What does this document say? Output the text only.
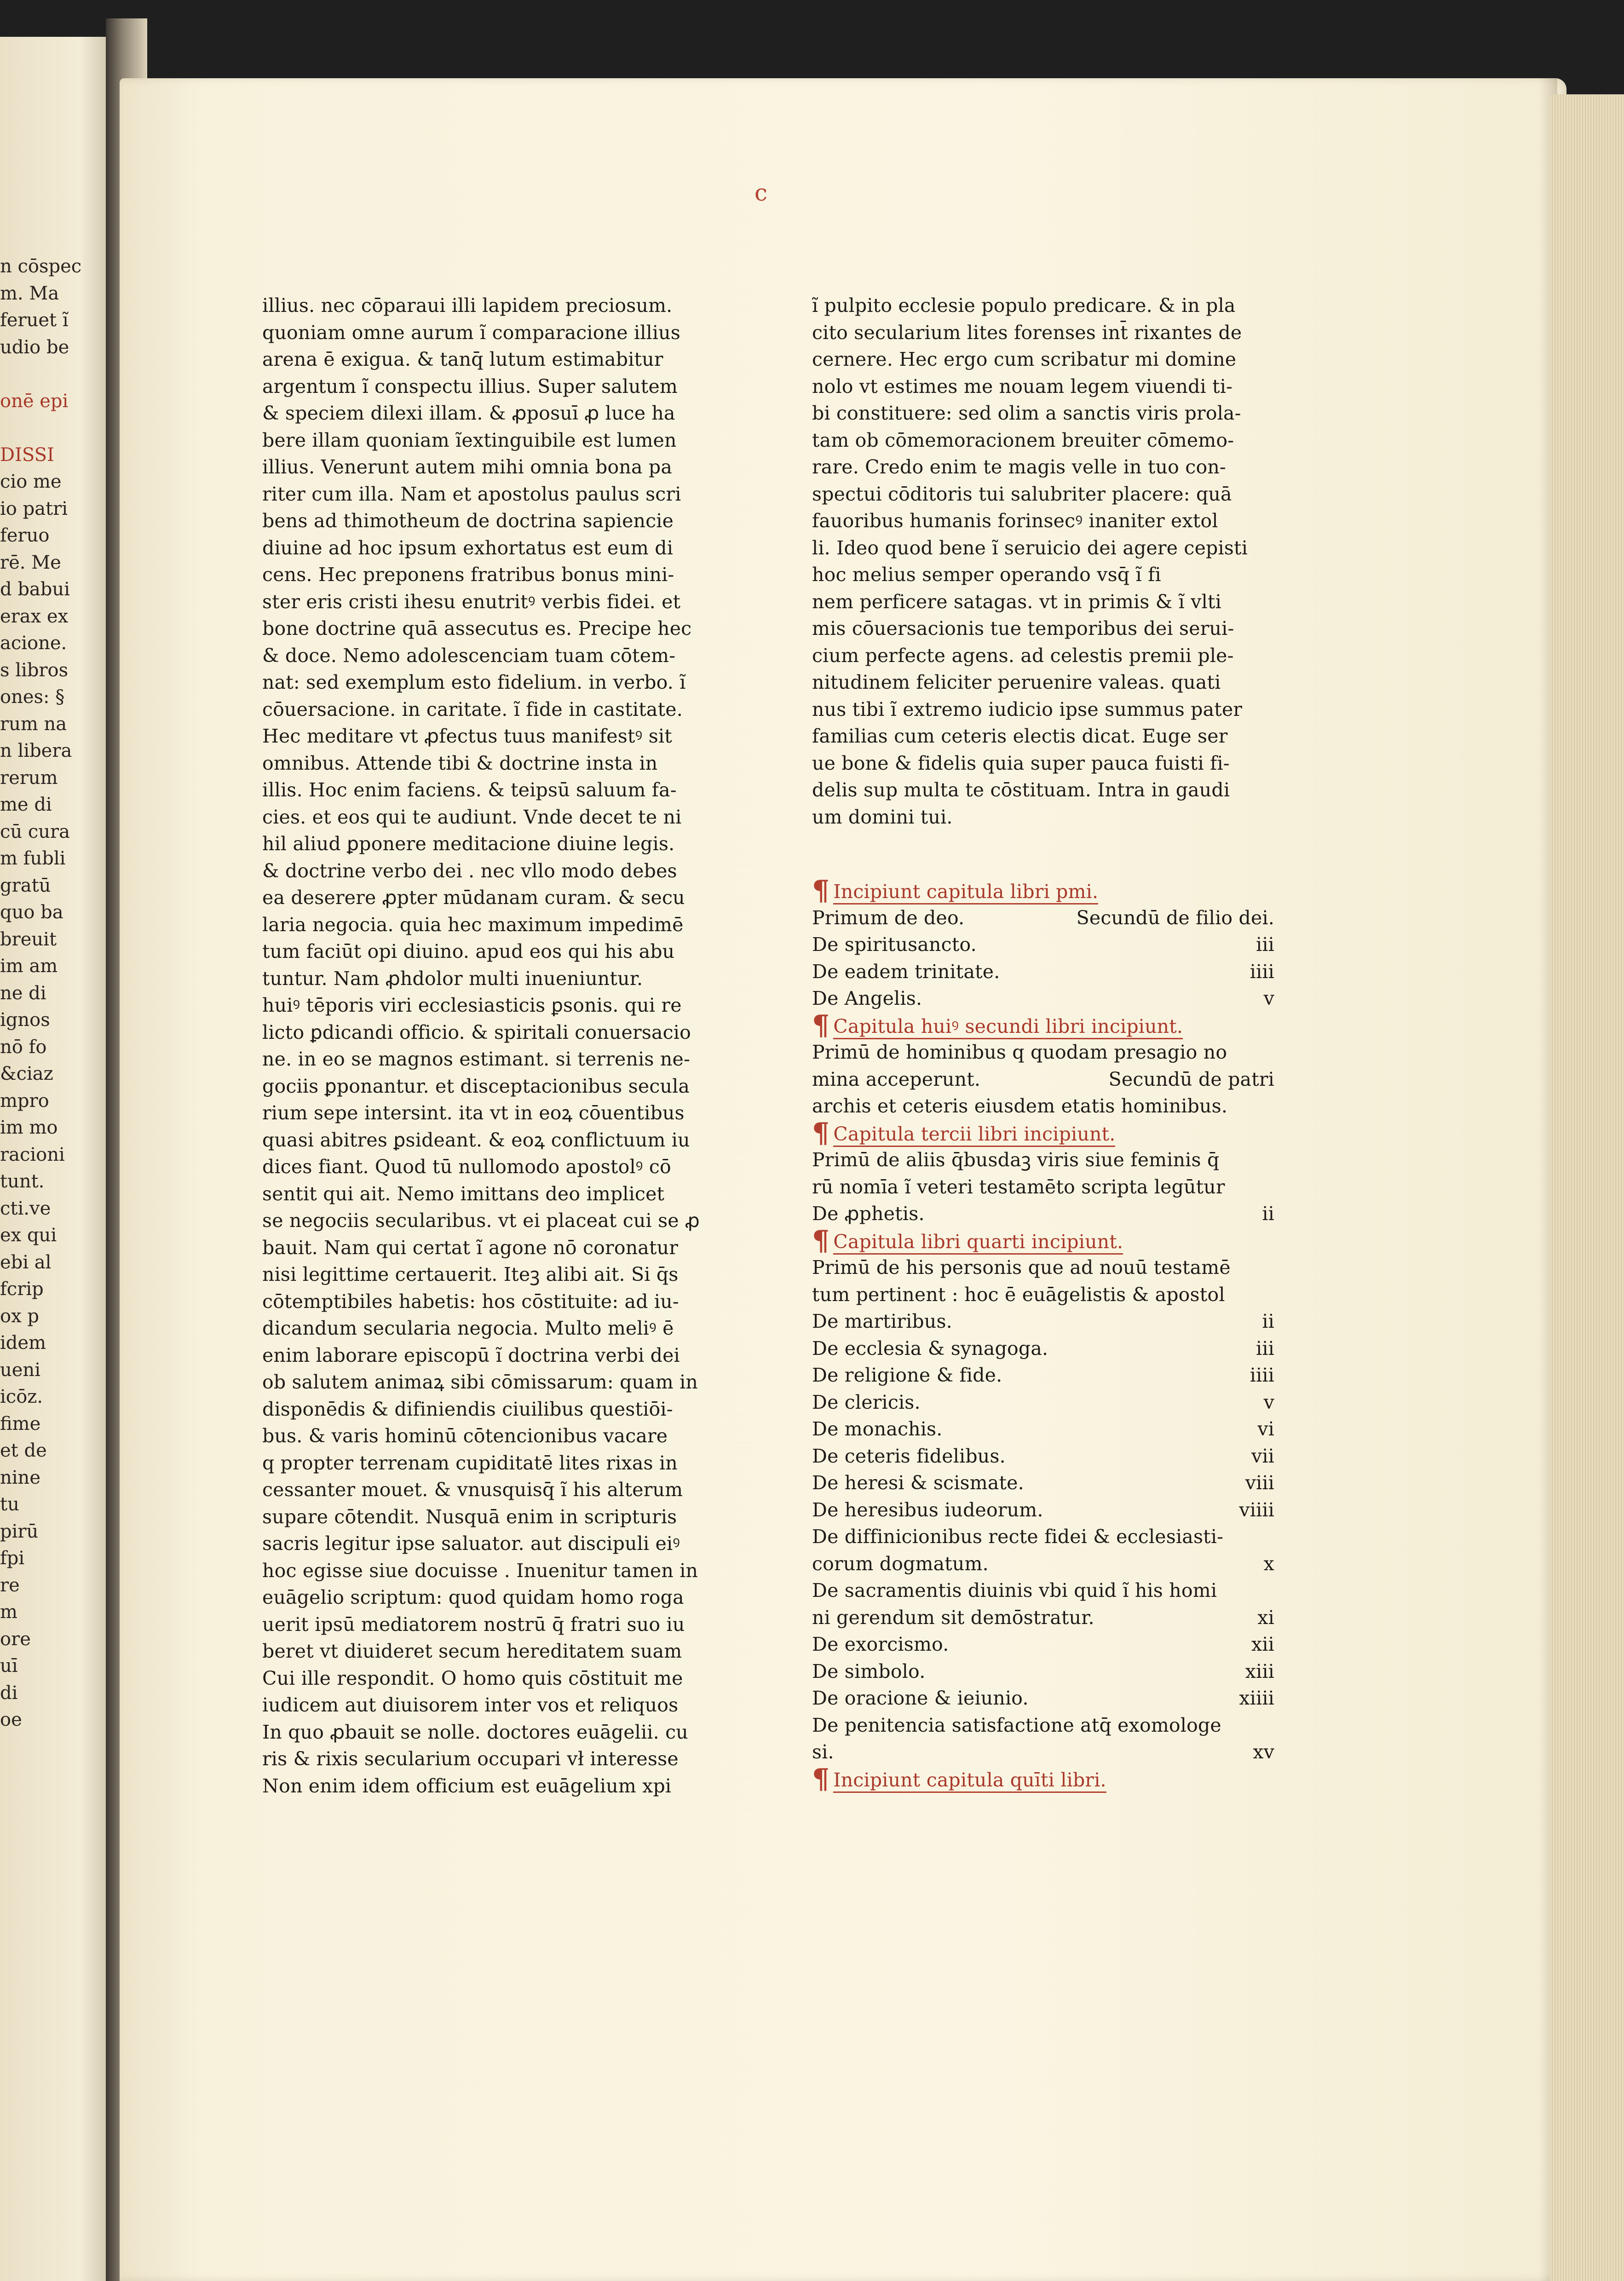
n cōspec
m. Ma
feruet ĩ
udio be
onē epi
DISSI
cio me
io patri
feruo
rē. Me
d babui
erax ex
acione.
s libros
ones: §
rum na
n libera
rerum
me di
cū cura
m fubli
gratū
quo ba
breuit
im am
ne di
ignos
nō fo
&ciaz
mpro
im mo
racioni
tunt.
cti.ve
ex qui
ebi al
fcrip
ox p
idem
ueni
icōz.
fime
et de
nine
tu
pirū
fpi
re
m
ore
uī
di
oe
c
illius. nec cōparaui illi lapidem preciosum.
quoniam omne aurum ĩ comparacione illius
arena ē exigua. & tanq̄ lutum estimabitur
argentum ĩ conspectu illius. Super salutem
& speciem dilexi illam. & ꝓposuī ꝓ luce ha
bere illam quoniam ĩextinguibile est lumen
illius. Venerunt autem mihi omnia bona pa
riter cum illa. Nam et apostolus paulus scri
bens ad thimotheum de doctrina sapiencie
diuine ad hoc ipsum exhortatus est eum di
cens. Hec preponens fratribus bonus mini-
ster eris cristi ihesu enutritꝰ verbis fidei. et
bone doctrine quā assecutus es. Precipe hec
& doce. Nemo adolescenciam tuam cōtem-
nat: sed exemplum esto fidelium. in verbo. ĩ
cōuersacione. in caritate. ĩ fide in castitate.
Hec meditare vt ꝓfectus tuus manifestꝰ sit
omnibus. Attende tibi & doctrine insta in
illis. Hoc enim faciens. & teipsū saluum fa-
cies. et eos qui te audiunt. Vnde decet te ni
hil aliud ꝑponere meditacione diuine legis.
& doctrine verbo dei . nec vllo modo debes
ea deserere ꝓpter mūdanam curam. & secu
laria negocia. quia hec maximum impedimē
tum faciūt opi diuino. apud eos qui his abu
tuntur. Nam ꝓhdolor multi inueniuntur.
huiꝰ tēporis viri ecclesiasticis ꝑsonis. qui re
licto ꝑdicandi officio. & spiritali conuersacio
ne. in eo se magnos estimant. si terrenis ne-
gociis ꝑponantur. et disceptacionibus secula
rium sepe intersint. ita vt in eoꝝ cōuentibus
quasi abitres ꝑsideant. & eoꝝ conflictuum iu
dices fiant. Quod tū nullomodo apostolꝰ cō
sentit qui ait. Nemo imittans deo implicet
se negociis secularibus. vt ei placeat cui se ꝓ
bauit. Nam qui certat ĩ agone nō coronatur
nisi legittime certauerit. Iteꝫ alibi ait. Si q̄s
cōtemptibiles habetis: hos cōstituite: ad iu-
dicandum secularia negocia. Multo meliꝰ ē
enim laborare episcopū ĩ doctrina verbi dei
ob salutem animaꝝ sibi cōmissarum: quam in
disponēdis & difiniendis ciuilibus questiōi-
bus. & varis hominū cōtencionibus vacare
q propter terrenam cupiditatē lites rixas in
cessanter mouet. & vnusquisq̄ ĩ his alterum
supare cōtendit. Nusquā enim in scripturis
sacris legitur ipse saluator. aut discipuli eiꝰ
hoc egisse siue docuisse . Inuenitur tamen in
euāgelio scriptum: quod quidam homo roga
uerit ipsū mediatorem nostrū q̄ fratri suo iu
beret vt diuideret secum hereditatem suam
Cui ille respondit. O homo quis cōstituit me
iudicem aut diuisorem inter vos et reliquos
In quo ꝓbauit se nolle. doctores euāgelii. cu
ris & rixis secularium occupari vł interesse
Non enim idem officium est euāgelium xpi
ĩ pulpito ecclesie populo predicare. & in pla
cito secularium lites forenses int̄ rixantes de
cernere. Hec ergo cum scribatur mi domine
nolo vt estimes me nouam legem viuendi ti-
bi constituere: sed olim a sanctis viris prola-
tam ob cōmemoracionem breuiter cōmemo-
rare. Credo enim te magis velle in tuo con-
spectui cōditoris tui salubriter placere: quā
fauoribus humanis forinsecꝰ inaniter extol
li. Ideo quod bene ĩ seruicio dei agere cepisti
hoc melius semper operando vsq̄ ĩ fi
nem perficere satagas. vt in primis & ĩ vlti
mis cōuersacionis tue temporibus dei serui-
cium perfecte agens. ad celestis premii ple-
nitudinem feliciter peruenire valeas. quati
nus tibi ĩ extremo iudicio ipse summus pater
familias cum ceteris electis dicat. Euge ser
ue bone & fidelis quia super pauca fuisti fi-
delis sup multa te cōstituam. Intra in gaudi
um domini tui.
¶ Incipiunt capitula libri pmi.
Primum de deo.	Secundū de filio dei.
De spiritusancto.	iii
De eadem trinitate.	iiii
De Angelis.	v
¶ Capitula huiꝰ secundi libri incipiunt.
Primū de hominibus q quodam presagio no
mina acceperunt.	Secundū de patri
archis et ceteris eiusdem etatis hominibus.
¶ Capitula tercii libri incipiunt.
Primū de aliis q̄busdaꝫ viris siue feminis q̄
rū nomīa ĩ veteri testamēto scripta legūtur
De ꝓphetis.	ii
¶ Capitula libri quarti incipiunt.
Primū de his personis que ad nouū testamē
tum pertinent : hoc ē euāgelistis & apostol
De martiribus.	ii
De ecclesia & synagoga.	iii
De religione & fide.	iiii
De clericis.	v
De monachis.	vi
De ceteris fidelibus.	vii
De heresi & scismate.	viii
De heresibus iudeorum.	viiii
De diffinicionibus recte fidei & ecclesiasti-
corum dogmatum.	x
De sacramentis diuinis vbi quid ĩ his homi
ni gerendum sit demōstratur.	xi
De exorcismo.	xii
De simbolo.	xiii
De oracione & ieiunio.	xiiii
De penitencia satisfactione atq̄ exomologe
si.	xv
¶ Incipiunt capitula quīti libri.
